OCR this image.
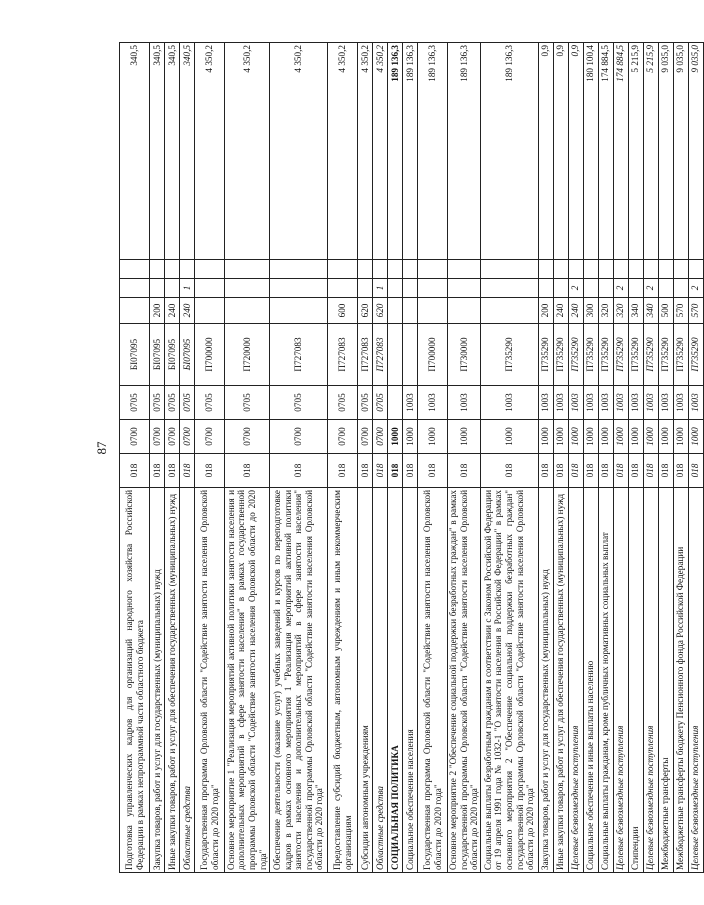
87
Подготовка управленческих кадров для организаций народного хозяйства Российской Федерации в рамках непрограммной части областного бюджета	018	0700	0705	БI07095				340,5
Закупка товаров, работ и услуг для государственных (муниципальных) нужд	018	0700	0705	БI07095	200			340,5
Иные закупки товаров, работ и услуг для обеспечения государственных (муниципальных) нужд	018	0700	0705	БI07095	240			340,5
Областные средства	018	0700	0705	БI07095	240	1		340,5
Государственная программа Орловской области "Содействие занятости населения Орловской области до 2020 года"	018	0700	0705	П700000				4 350,2
Основное мероприятие 1 "Реализация мероприятий активной политики занятости населения и дополнительных мероприятий в сфере занятости населения" в рамках государственной программы Орловской области "Содействие занятости населения Орловской области до 2020 года"	018	0700	0705	П720000				4 350,2
Обеспечение деятельности (оказание услуг) учебных заведений и курсов по переподготовке кадров в рамках основного мероприятия 1 "Реализация мероприятий активной политики занятости населения и дополнительных мероприятий в сфере занятости населения" государственной программы Орловской области "Содействие занятости населения Орловской области до 2020 года"	018	0700	0705	П727083				4 350,2
Предоставление субсидий бюджетным, автономным учреждениям и иным некоммерческим организациям	018	0700	0705	П727083	600			4 350,2
Субсидии автономным учреждениям	018	0700	0705	П727083	620			4 350,2
Областные средства	018	0700	0705	П727083	620	1		4 350,2
СОЦИАЛЬНАЯ ПОЛИТИКА	018	1000						189 136,3
Социальное обеспечение населения	018	1000	1003					189 136,3
Государственная программа Орловской области "Содействие занятости населения Орловской области до 2020 года"	018	1000	1003	П700000				189 136,3
Основное мероприятие 2 "Обеспечение социальной поддержки безработных граждан" в рамках государственной программы Орловской области "Содействие занятости населения Орловской области до 2020 года"	018	1000	1003	П730000				189 136,3
Социальные выплаты безработным гражданам в соответствии с Законом Российской Федерации от 19 апреля 1991 года № 1032-1 "О занятости населения в Российской Федерации" в рамках основного мероприятия 2 "Обеспечение социальной поддержки безработных граждан" государственной программы Орловской области "Содействие занятости населения Орловской области до 2020 года"	018	1000	1003	П735290				189 136,3
Закупка товаров, работ и услуг для государственных (муниципальных) нужд	018	1000	1003	П735290	200			0,9
Иные закупки товаров, работ и услуг для обеспечения государственных (муниципальных) нужд	018	1000	1003	П735290	240			0,9
Целевые безвозмездные поступления	018	1000	1003	П735290	240	2		0,9
Социальное обеспечение и иные выплаты населению	018	1000	1003	П735290	300			180 100,4
Социальные выплаты гражданам, кроме публичных нормативных социальных выплат	018	1000	1003	П735290	320			174 884,5
Целевые безвозмездные поступления	018	1000	1003	П735290	320	2		174 884,5
Стипендии	018	1000	1003	П735290	340			5 215,9
Целевые безвозмездные поступления	018	1000	1003	П735290	340	2		5 215,9
Межбюджетные трансферты	018	1000	1003	П735290	500			9 035,0
Межбюджетные трансферты бюджету Пенсионного фонда Российской Федерации	018	1000	1003	П735290	570			9 035,0
Целевые безвозмездные поступления	018	1000	1003	П735290	570	2		9 035,0
